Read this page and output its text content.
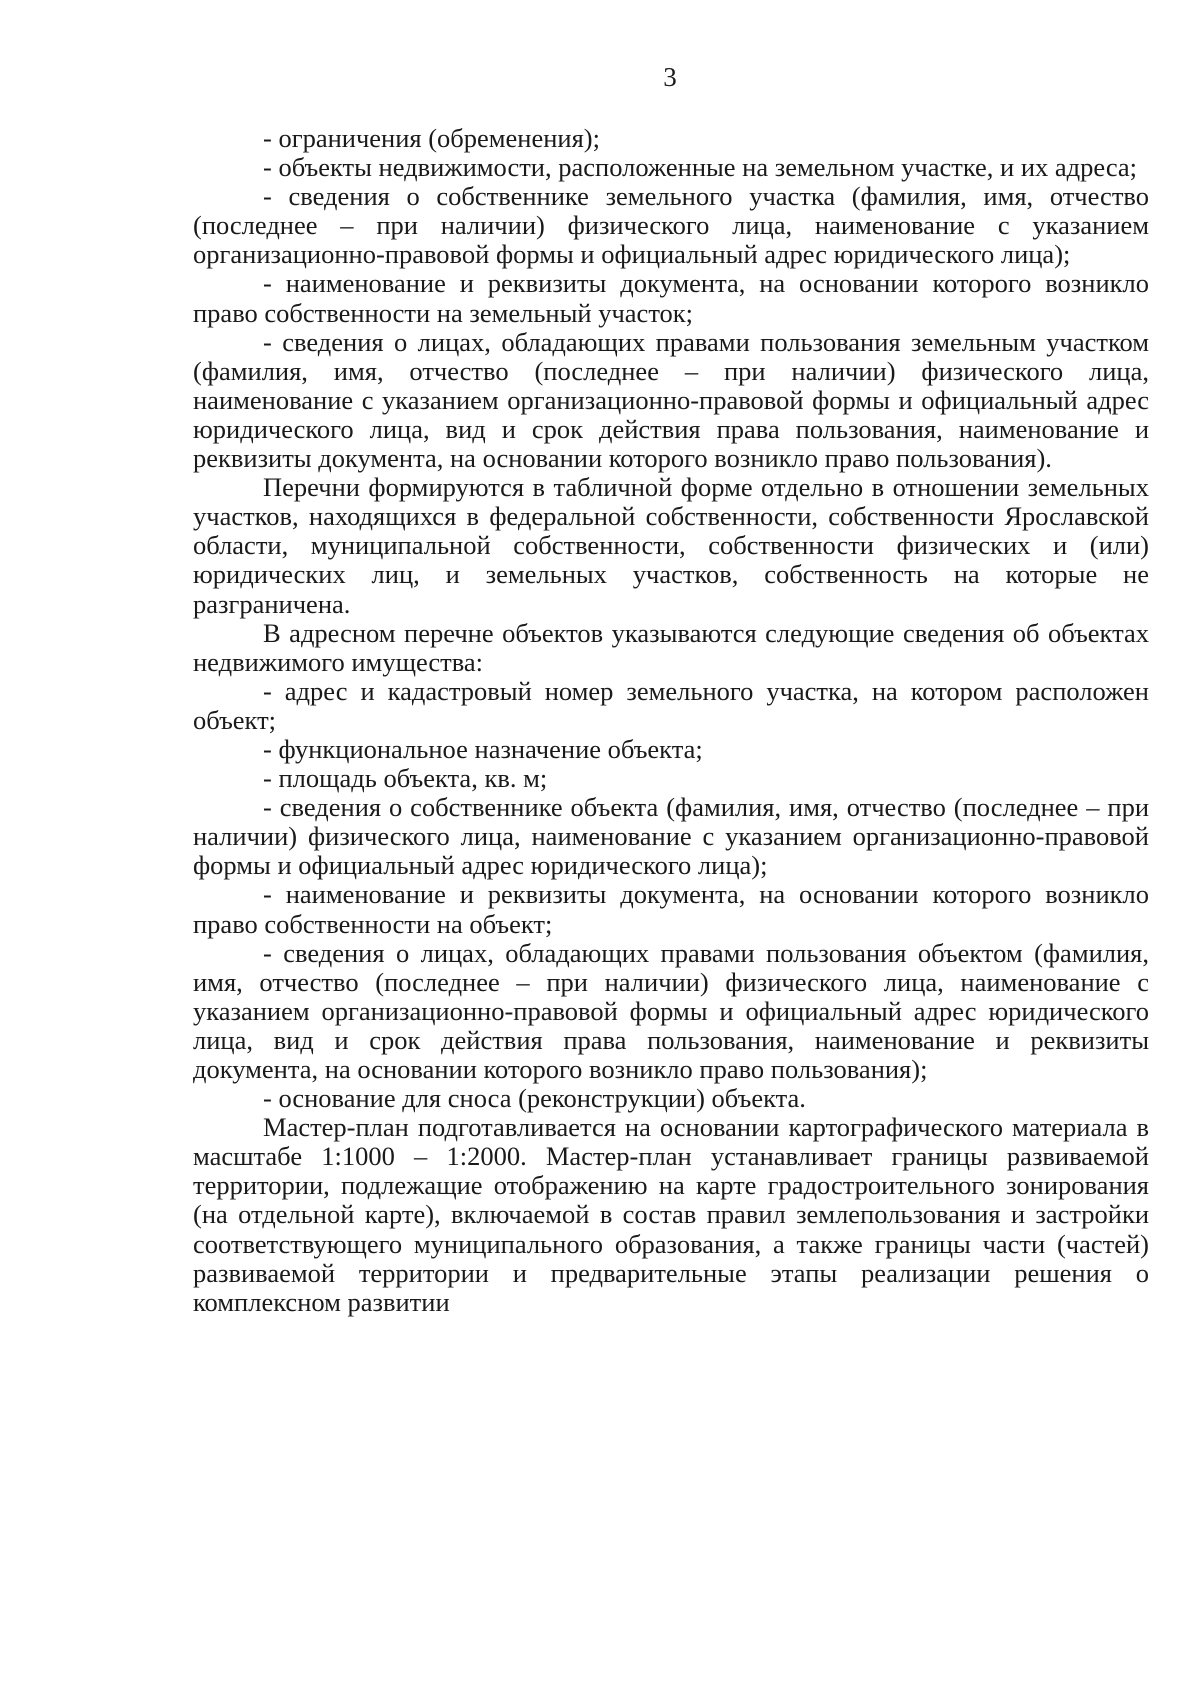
3

- ограничения (обременения);

- объекты недвижимости, расположенные на земельном участке, и их адреса;

- сведения о собственнике земельного участка (фамилия, имя, отчество (последнее – при наличии) физического лица, наименование с указанием организационно-правовой формы и официальный адрес юридического лица);

- наименование и реквизиты документа, на основании которого возникло право собственности на земельный участок;

- сведения о лицах, обладающих правами пользования земельным участком (фамилия, имя, отчество (последнее – при наличии) физического лица, наименование с указанием организационно-правовой формы и официальный адрес юридического лица, вид и срок действия права пользования, наименование и реквизиты документа, на основании которого возникло право пользования).

Перечни формируются в табличной форме отдельно в отношении земельных участков, находящихся в федеральной собственности, собственности Ярославской области, муниципальной собственности, собственности физических и (или) юридических лиц, и земельных участков, собственность на которые не разграничена.

В адресном перечне объектов указываются следующие сведения об объектах недвижимого имущества:

- адрес и кадастровый номер земельного участка, на котором расположен объект;

- функциональное назначение объекта;

- площадь объекта, кв. м;

- сведения о собственнике объекта (фамилия, имя, отчество (последнее – при наличии) физического лица, наименование с указанием организационно-правовой формы и официальный адрес юридического лица);

- наименование и реквизиты документа, на основании которого возникло право собственности на объект;

- сведения о лицах, обладающих правами пользования объектом (фамилия, имя, отчество (последнее – при наличии) физического лица, наименование с указанием организационно-правовой формы и официальный адрес юридического лица, вид и срок действия права пользования, наименование и реквизиты документа, на основании которого возникло право пользования);

- основание для сноса (реконструкции) объекта.

Мастер-план подготавливается на основании картографического материала в масштабе 1:1000 – 1:2000. Мастер-план устанавливает границы развиваемой территории, подлежащие отображению на карте градостроительного зонирования (на отдельной карте), включаемой в состав правил землепользования и застройки соответствующего муниципального образования, а также границы части (частей) развиваемой территории и предварительные этапы реализации решения о комплексном развитии
